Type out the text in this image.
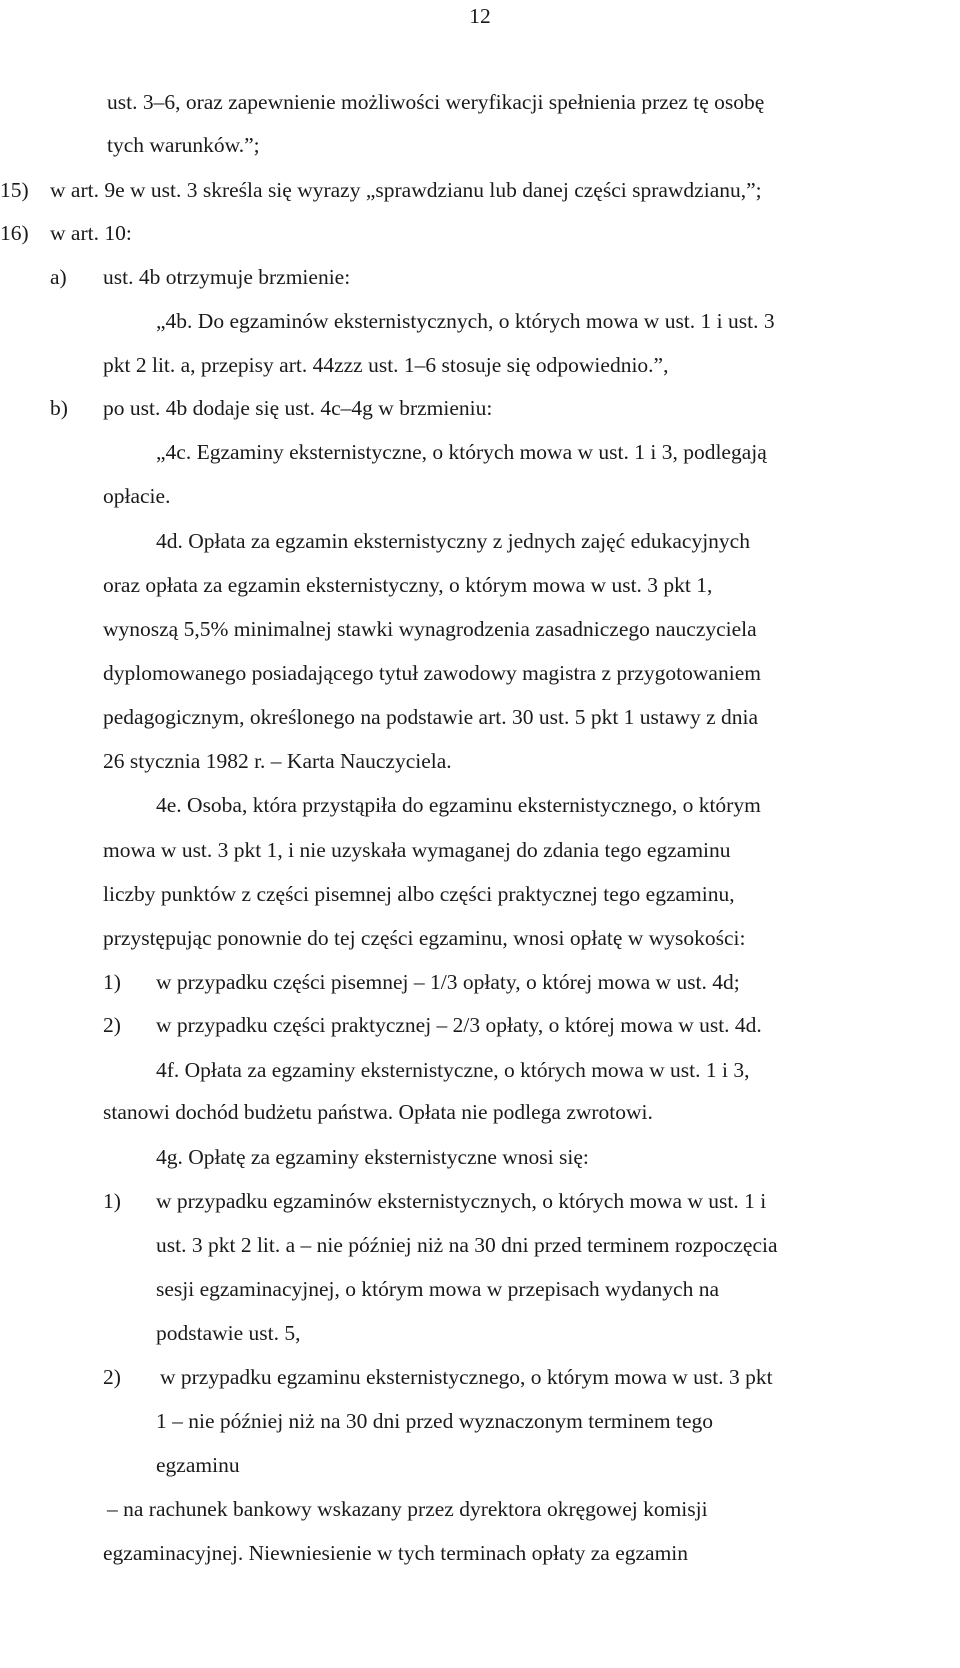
12
ust. 3–6, oraz zapewnienie możliwości weryfikacji spełnienia przez tę osobę
tych warunków.”;
15) w art. 9e w ust. 3 skreśla się wyrazy „sprawdzianu lub danej części sprawdzianu,”;
16) w art. 10:
a) ust. 4b otrzymuje brzmienie:
„4b. Do egzaminów eksternistycznych, o których mowa w ust. 1 i ust. 3
pkt 2 lit. a, przepisy art. 44zzz ust. 1–6 stosuje się odpowiednio.”,
b) po ust. 4b dodaje się ust. 4c–4g w brzmieniu:
„4c. Egzaminy eksternistyczne, o których mowa w ust. 1 i 3, podlegają
opłacie.
4d. Opłata za egzamin eksternistyczny z jednych zajęć edukacyjnych
oraz opłata za egzamin eksternistyczny, o którym mowa w ust. 3 pkt 1,
wynoszą 5,5% minimalnej stawki wynagrodzenia zasadniczego nauczyciela
dyplomowanego posiadającego tytuł zawodowy magistra z przygotowaniem
pedagogicznym, określonego na podstawie art. 30 ust. 5 pkt 1 ustawy z dnia
26 stycznia 1982 r. – Karta Nauczyciela.
4e. Osoba, która przystąpiła do egzaminu eksternistycznego, o którym
mowa w ust. 3 pkt 1, i nie uzyskała wymaganej do zdania tego egzaminu
liczby punktów z części pisemnej albo części praktycznej tego egzaminu,
przystępując ponownie do tej części egzaminu, wnosi opłatę w wysokości:
1) w przypadku części pisemnej – 1/3 opłaty, o której mowa w ust. 4d;
2) w przypadku części praktycznej – 2/3 opłaty, o której mowa w ust. 4d.
4f. Opłata za egzaminy eksternistyczne, o których mowa w ust. 1 i 3,
stanowi dochód budżetu państwa. Opłata nie podlega zwrotowi.
4g. Opłatę za egzaminy eksternistyczne wnosi się:
1) w przypadku egzaminów eksternistycznych, o których mowa w ust. 1 i
ust. 3 pkt 2 lit. a – nie później niż na 30 dni przed terminem rozpoczęcia
sesji egzaminacyjnej, o którym mowa w przepisach wydanych na
podstawie ust. 5,
2) w przypadku egzaminu eksternistycznego, o którym mowa w ust. 3 pkt
1 – nie później niż na 30 dni przed wyznaczonym terminem tego
egzaminu
– na rachunek bankowy wskazany przez dyrektora okręgowej komisji
egzaminacyjnej. Niewniesienie w tych terminach opłaty za egzamin
